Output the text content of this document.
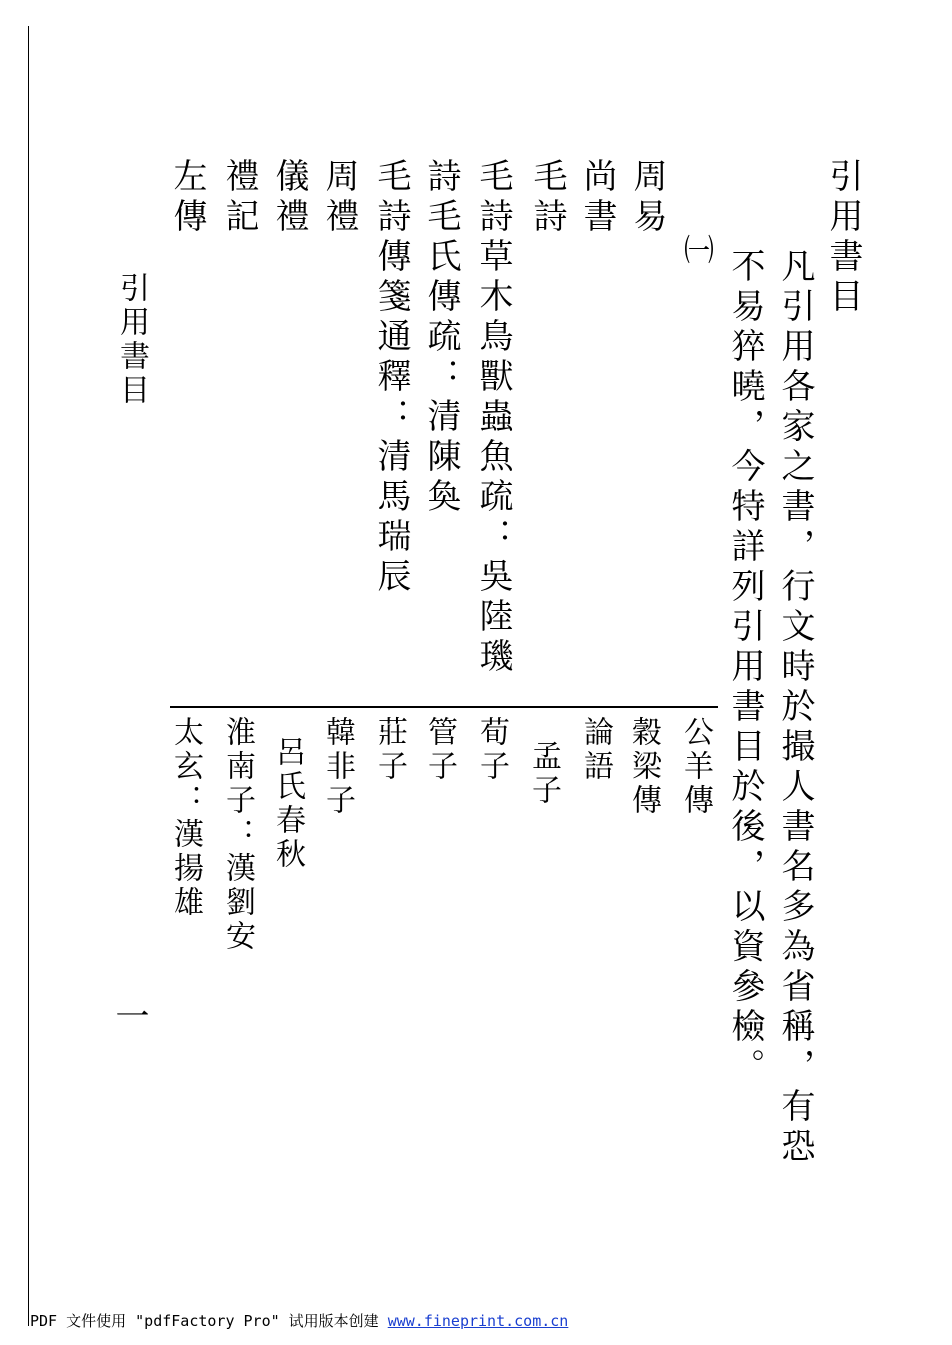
引用書目
凡引用各家之書，行文時於撮人書名多為省稱，有恐
不易猝曉，今特詳列引用書目於後，以資參檢。
㈠
周易
尚書
毛詩
毛詩草木鳥獸蟲魚疏：吳陸璣
詩毛氏傳疏：清陳奐
毛詩傳箋通釋：清馬瑞辰
周禮
儀禮
禮記
左傳
公羊傳
穀梁傳
論語
孟子
荀子
管子
莊子
韓非子
呂氏春秋
淮南子：漢劉安
太玄：漢揚雄
引用書目
一
PDF 文件使用 "pdfFactory Pro" 试用版本创建 www.fineprint.com.cn
